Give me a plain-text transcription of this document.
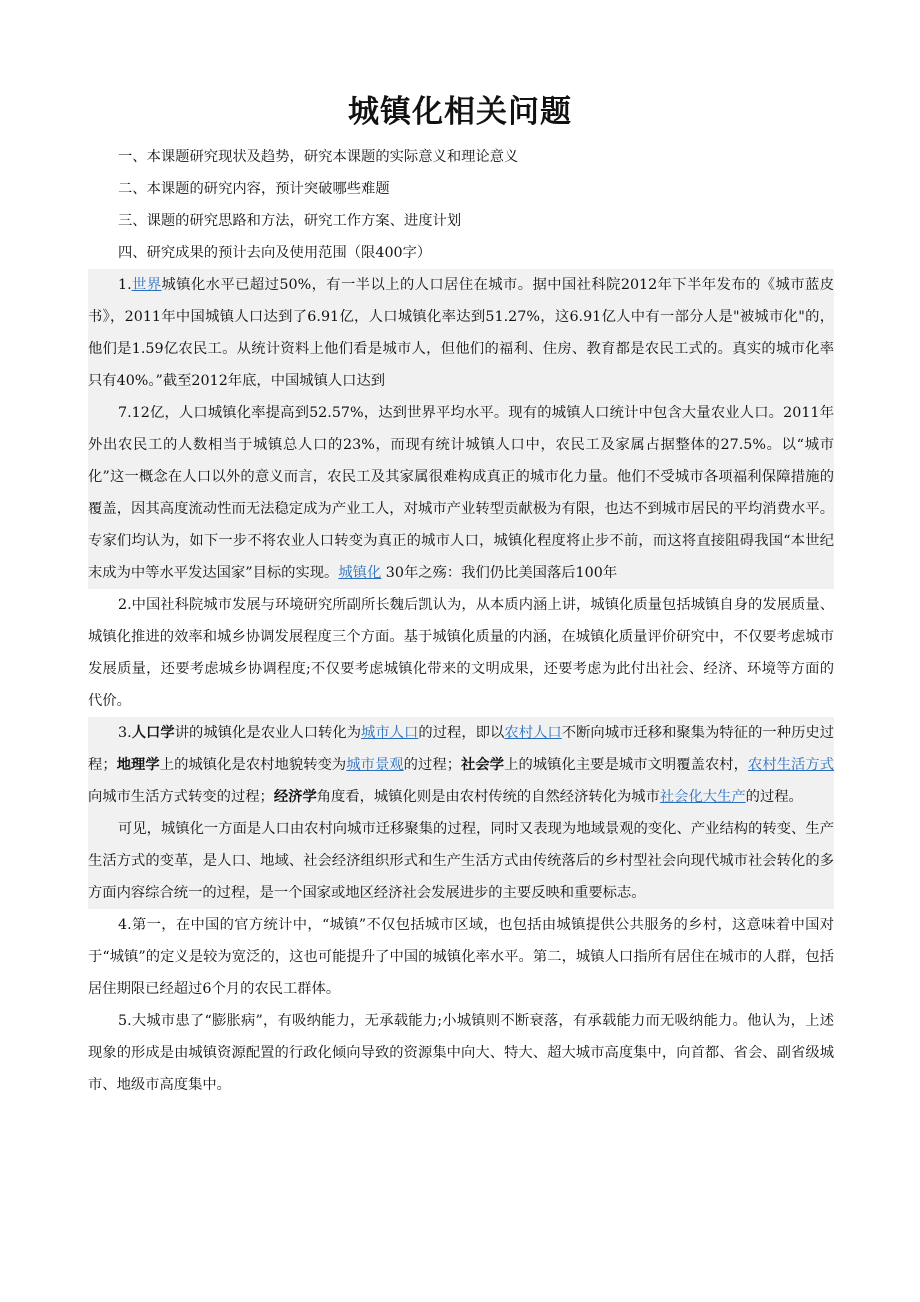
城镇化相关问题

一、本课题研究现状及趋势，研究本课题的实际意义和理论意义

二、本课题的研究内容，预计突破哪些难题

三、课题的研究思路和方法，研究工作方案、进度计划

四、研究成果的预计去向及使用范围（限400字）

1.世界城镇化水平已超过50%，有一半以上的人口居住在城市。据中国社科院2012年下半年发布的《城市蓝皮书》，2011年中国城镇人口达到了6.91亿，人口城镇化率达到51.27%，这6.91亿人中有一部分人是"被城市化"的，他们是1.59亿农民工。从统计资料上他们看是城市人，但他们的福利、住房、教育都是农民工式的。真实的城市化率只有40%。”截至2012年底，中国城镇人口达到

7.12亿，人口城镇化率提高到52.57%，达到世界平均水平。现有的城镇人口统计中包含大量农业人口。2011年外出农民工的人数相当于城镇总人口的23%，而现有统计城镇人口中，农民工及家属占据整体的27.5%。以“城市化”这一概念在人口以外的意义而言，农民工及其家属很难构成真正的城市化力量。他们不受城市各项福利保障措施的覆盖，因其高度流动性而无法稳定成为产业工人，对城市产业转型贡献极为有限，也达不到城市居民的平均消费水平。专家们均认为，如下一步不将农业人口转变为真正的城市人口，城镇化程度将止步不前，而这将直接阻碍我国“本世纪末成为中等水平发达国家”目标的实现。城镇化 30年之殇：我们仍比美国落后100年

2.中国社科院城市发展与环境研究所副所长魏后凯认为，从本质内涵上讲，城镇化质量包括城镇自身的发展质量、城镇化推进的效率和城乡协调发展程度三个方面。基于城镇化质量的内涵，在城镇化质量评价研究中，不仅要考虑城市发展质量，还要考虑城乡协调程度;不仅要考虑城镇化带来的文明成果，还要考虑为此付出社会、经济、环境等方面的代价。

3.人口学讲的城镇化是农业人口转化为城市人口的过程，即以农村人口不断向城市迁移和聚集为特征的一种历史过程；地理学上的城镇化是农村地貌转变为城市景观的过程；社会学上的城镇化主要是城市文明覆盖农村，农村生活方式向城市生活方式转变的过程；经济学角度看，城镇化则是由农村传统的自然经济转化为城市社会化大生产的过程。

可见，城镇化一方面是人口由农村向城市迁移聚集的过程，同时又表现为地域景观的变化、产业结构的转变、生产生活方式的变革，是人口、地域、社会经济组织形式和生产生活方式由传统落后的乡村型社会向现代城市社会转化的多方面内容综合统一的过程，是一个国家或地区经济社会发展进步的主要反映和重要标志。

4.第一，在中国的官方统计中，“城镇”不仅包括城市区域，也包括由城镇提供公共服务的乡村，这意味着中国对于“城镇”的定义是较为宽泛的，这也可能提升了中国的城镇化率水平。第二，城镇人口指所有居住在城市的人群，包括居住期限已经超过6个月的农民工群体。

5.大城市患了“膨胀病”，有吸纳能力，无承载能力;小城镇则不断衰落，有承载能力而无吸纳能力。他认为，上述现象的形成是由城镇资源配置的行政化倾向导致的资源集中向大、特大、超大城市高度集中，向首都、省会、副省级城市、地级市高度集中。
